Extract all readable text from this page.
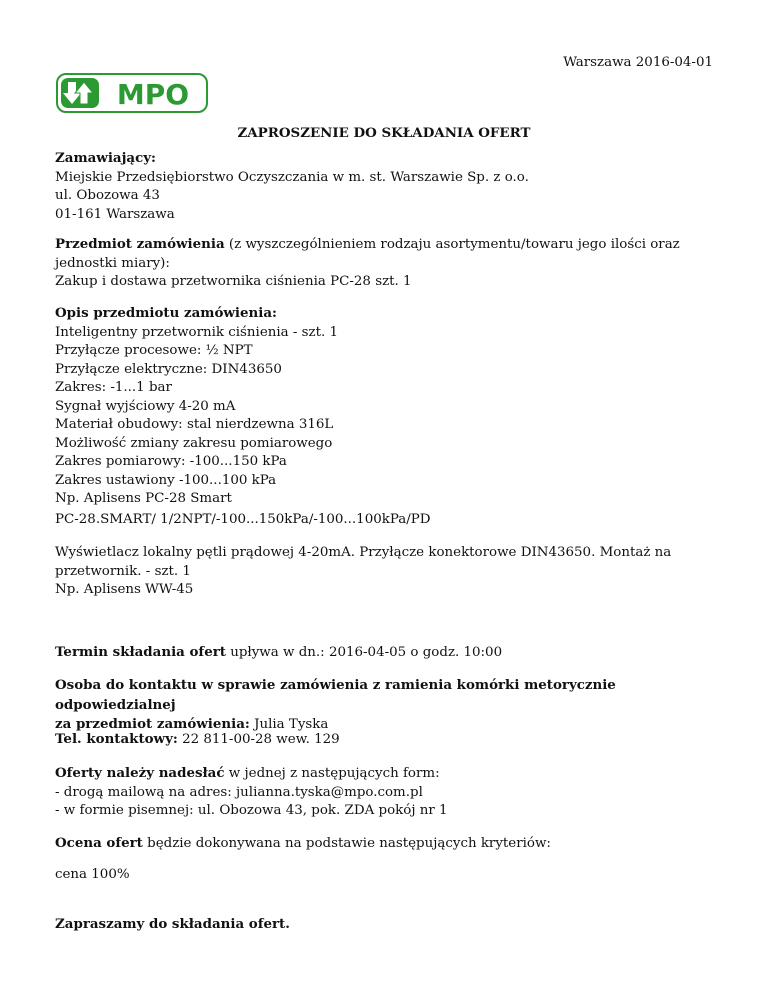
Warszawa 2016-04-01
MPO
ZAPROSZENIE DO SKŁADANIA OFERT

Zamawiający:

Miejskie Przedsiębiorstwo Oczyszczania w m. st. Warszawie Sp. z o.o.

ul. Obozowa 43

01-161 Warszawa

Przedmiot zamówienia (z wyszczególnieniem rodzaju asortymentu/towaru jego ilości oraz

jednostki miary):

Zakup i dostawa przetwornika ciśnienia PC-28 szt. 1

Opis przedmiotu zamówienia:

Inteligentny przetwornik ciśnienia - szt. 1

Przyłącze procesowe: ½ NPT

Przyłącze elektryczne: DIN43650

Zakres: -1...1 bar

Sygnał wyjściowy 4-20 mA

Materiał obudowy: stal nierdzewna 316L

Możliwość zmiany zakresu pomiarowego

Zakres pomiarowy: -100...150 kPa

Zakres ustawiony -100...100 kPa

Np. Aplisens PC-28 Smart

PC-28.SMART/ 1/2NPT/-100...150kPa/-100...100kPa/PD

Wyświetlacz lokalny pętli prądowej 4-20mA. Przyłącze konektorowe DIN43650. Montaż na

przetwornik. - szt. 1

Np. Aplisens WW-45

Termin składania ofert upływa w dn.: 2016-04-05 o godz. 10:00

Osoba do kontaktu w sprawie zamówienia z ramienia komórki metorycznie odpowiedzialnej

za przedmiot zamówienia: Julia Tyska

Tel. kontaktowy: 22 811-00-28 wew. 129

Oferty należy nadesłać w jednej z następujących form:

- drogą mailową na adres: julianna.tyska@mpo.com.pl

- w formie pisemnej: ul. Obozowa 43, pok. ZDA pokój nr 1

Ocena ofert będzie dokonywana na podstawie następujących kryteriów:

cena 100%

Zapraszamy do składania ofert.
